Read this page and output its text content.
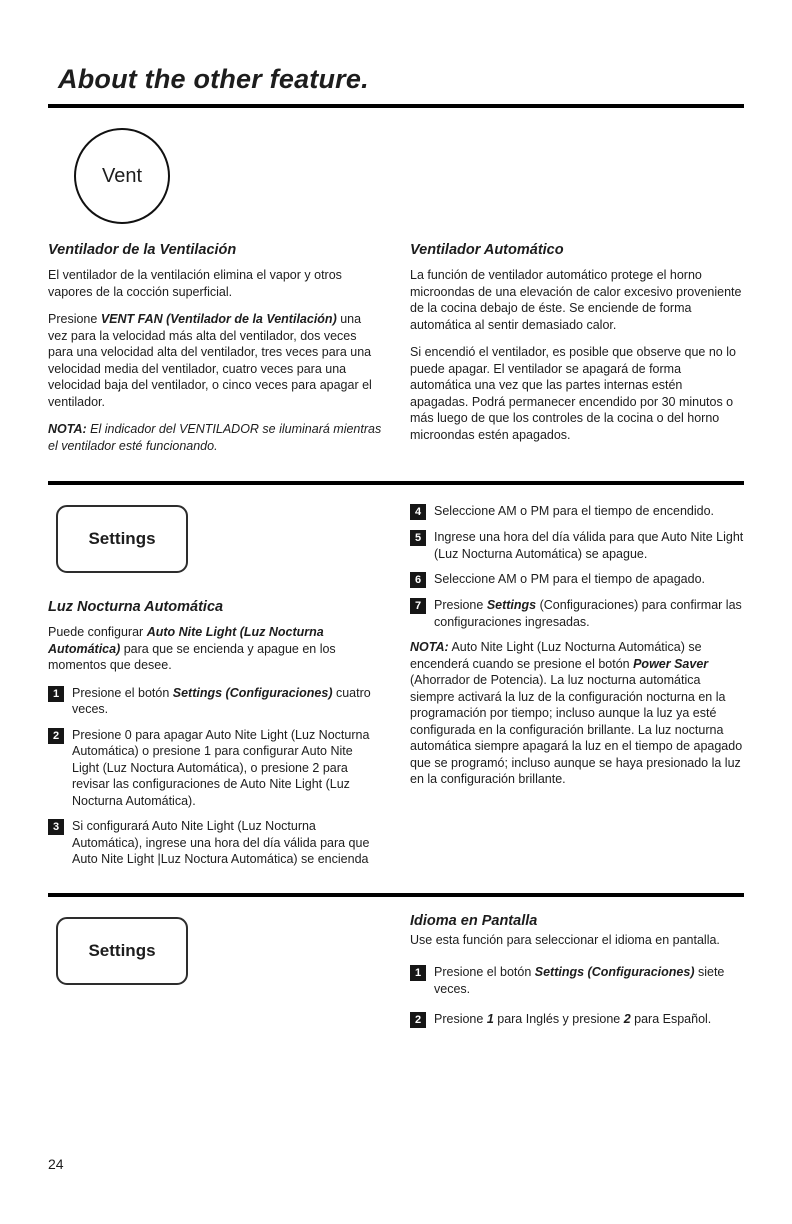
About the other feature.
Vent
Ventilador de la Ventilación

El ventilador de la ventilación elimina el vapor y otros vapores de la cocción superficial.

Presione VENT FAN (Ventilador de la Ventilación) una vez para la velocidad más alta del ventilador, dos veces para una velocidad alta del ventilador, tres veces para una velocidad media del ventilador, cuatro veces para una velocidad baja del ventilador, o cinco veces para apagar el ventilador.

NOTA: El indicador del VENTILADOR se iluminará mientras el ventilador esté funcionando.

Ventilador Automático

La función de ventilador automático protege el horno microondas de una elevación de calor excesivo proveniente de la cocina debajo de éste. Se enciende de forma automática al sentir demasiado calor.

Si encendió el ventilador, es posible que observe que no lo puede apagar. El ventilador se apagará de forma automática una vez que las partes internas estén apagadas. Podrá permanecer encendido por 30 minutos o más luego de que los controles de la cocina o del horno microondas estén apagados.

Settings
Luz Nocturna Automática

Puede configurar Auto Nite Light (Luz Nocturna Automática) para que se encienda y apague en los momentos que desee.

1	Presione el botón Settings (Configuraciones) cuatro veces.
2	Presione 0 para apagar Auto Nite Light (Luz Nocturna Automática) o presione 1 para configurar Auto Nite Light (Luz Noctura Automática), o presione 2 para revisar las configuraciones de Auto Nite Light (Luz Nocturna Automática).
3	Si configurará Auto Nite Light (Luz Nocturna Automática), ingrese una hora del día válida para que Auto Nite Light |Luz Noctura Automática) se encienda
4	Seleccione AM o PM para el tiempo de encendido.
5	Ingrese una hora del día válida para que Auto Nite Light (Luz Nocturna Automática) se apague.
6	Seleccione AM o PM para el tiempo de apagado.
7	Presione Settings (Configuraciones) para confirmar las configuraciones ingresadas.

NOTA: Auto Nite Light (Luz Nocturna Automática) se encenderá cuando se presione el botón Power Saver (Ahorrador de Potencia). La luz nocturna automática siempre activará la luz de la configuración nocturna en la programación por tiempo; incluso aunque la luz ya esté configurada en la configuración brillante. La luz nocturna automática siempre apagará la luz en el tiempo de apagado que se programó; incluso aunque se haya presionado la luz en la configuración brillante.

Settings
Idioma en Pantalla

Use esta función para seleccionar el idioma en pantalla.

1	Presione el botón Settings (Configuraciones) siete veces.
2	Presione 1 para Inglés y presione 2 para Español.
24
